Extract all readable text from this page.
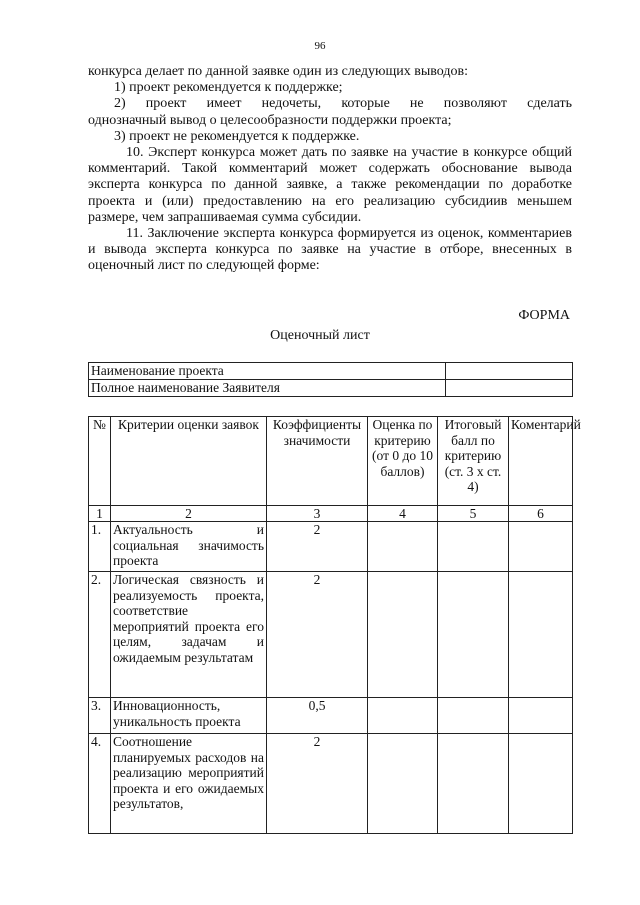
96

конкурса делает по данной заявке один из следующих выводов:

1) проект рекомендуется к поддержке;

2) проект имеет недочеты, которые не позволяют сделать

однозначный вывод о целесообразности поддержки проекта;

3) проект не рекомендуется к поддержке.

10. Эксперт конкурса может дать по заявке на участие в конкурсе общий комментарий. Такой комментарий может содержать обоснование вывода эксперта конкурса по данной заявке, а также рекомендации по доработке проекта и (или) предоставлению на его реализацию субсидиив меньшем размере, чем запрашиваемая сумма субсидии.

11. Заключение эксперта конкурса формируется из оценок, комментариев и вывода эксперта конкурса по заявке на участие в отборе, внесенных в оценочный лист по следующей форме:

ФОРМА
Оценочный лист
Наименование проекта	
Полное наименование Заявителя	
№	Критерии оценки заявок	Коэффициенты значимости	Оценка по критерию (от 0 до 10 баллов)	Итоговый балл по критерию (ст. 3 х ст. 4)	Коментарий
1	2	3	4	5	6
1.	Актуальность и социальная значимость проекта	2			
2.	Логическая связность и реализуемость проекта, соответствие мероприятий проекта его целям, задачам и ожидаемым результатам	2			
3.	Инновационность, уникальность проекта	0,5			
4.	Соотношение планируемых расходов на реализацию мероприятий проекта и его ожидаемых результатов,	2			
